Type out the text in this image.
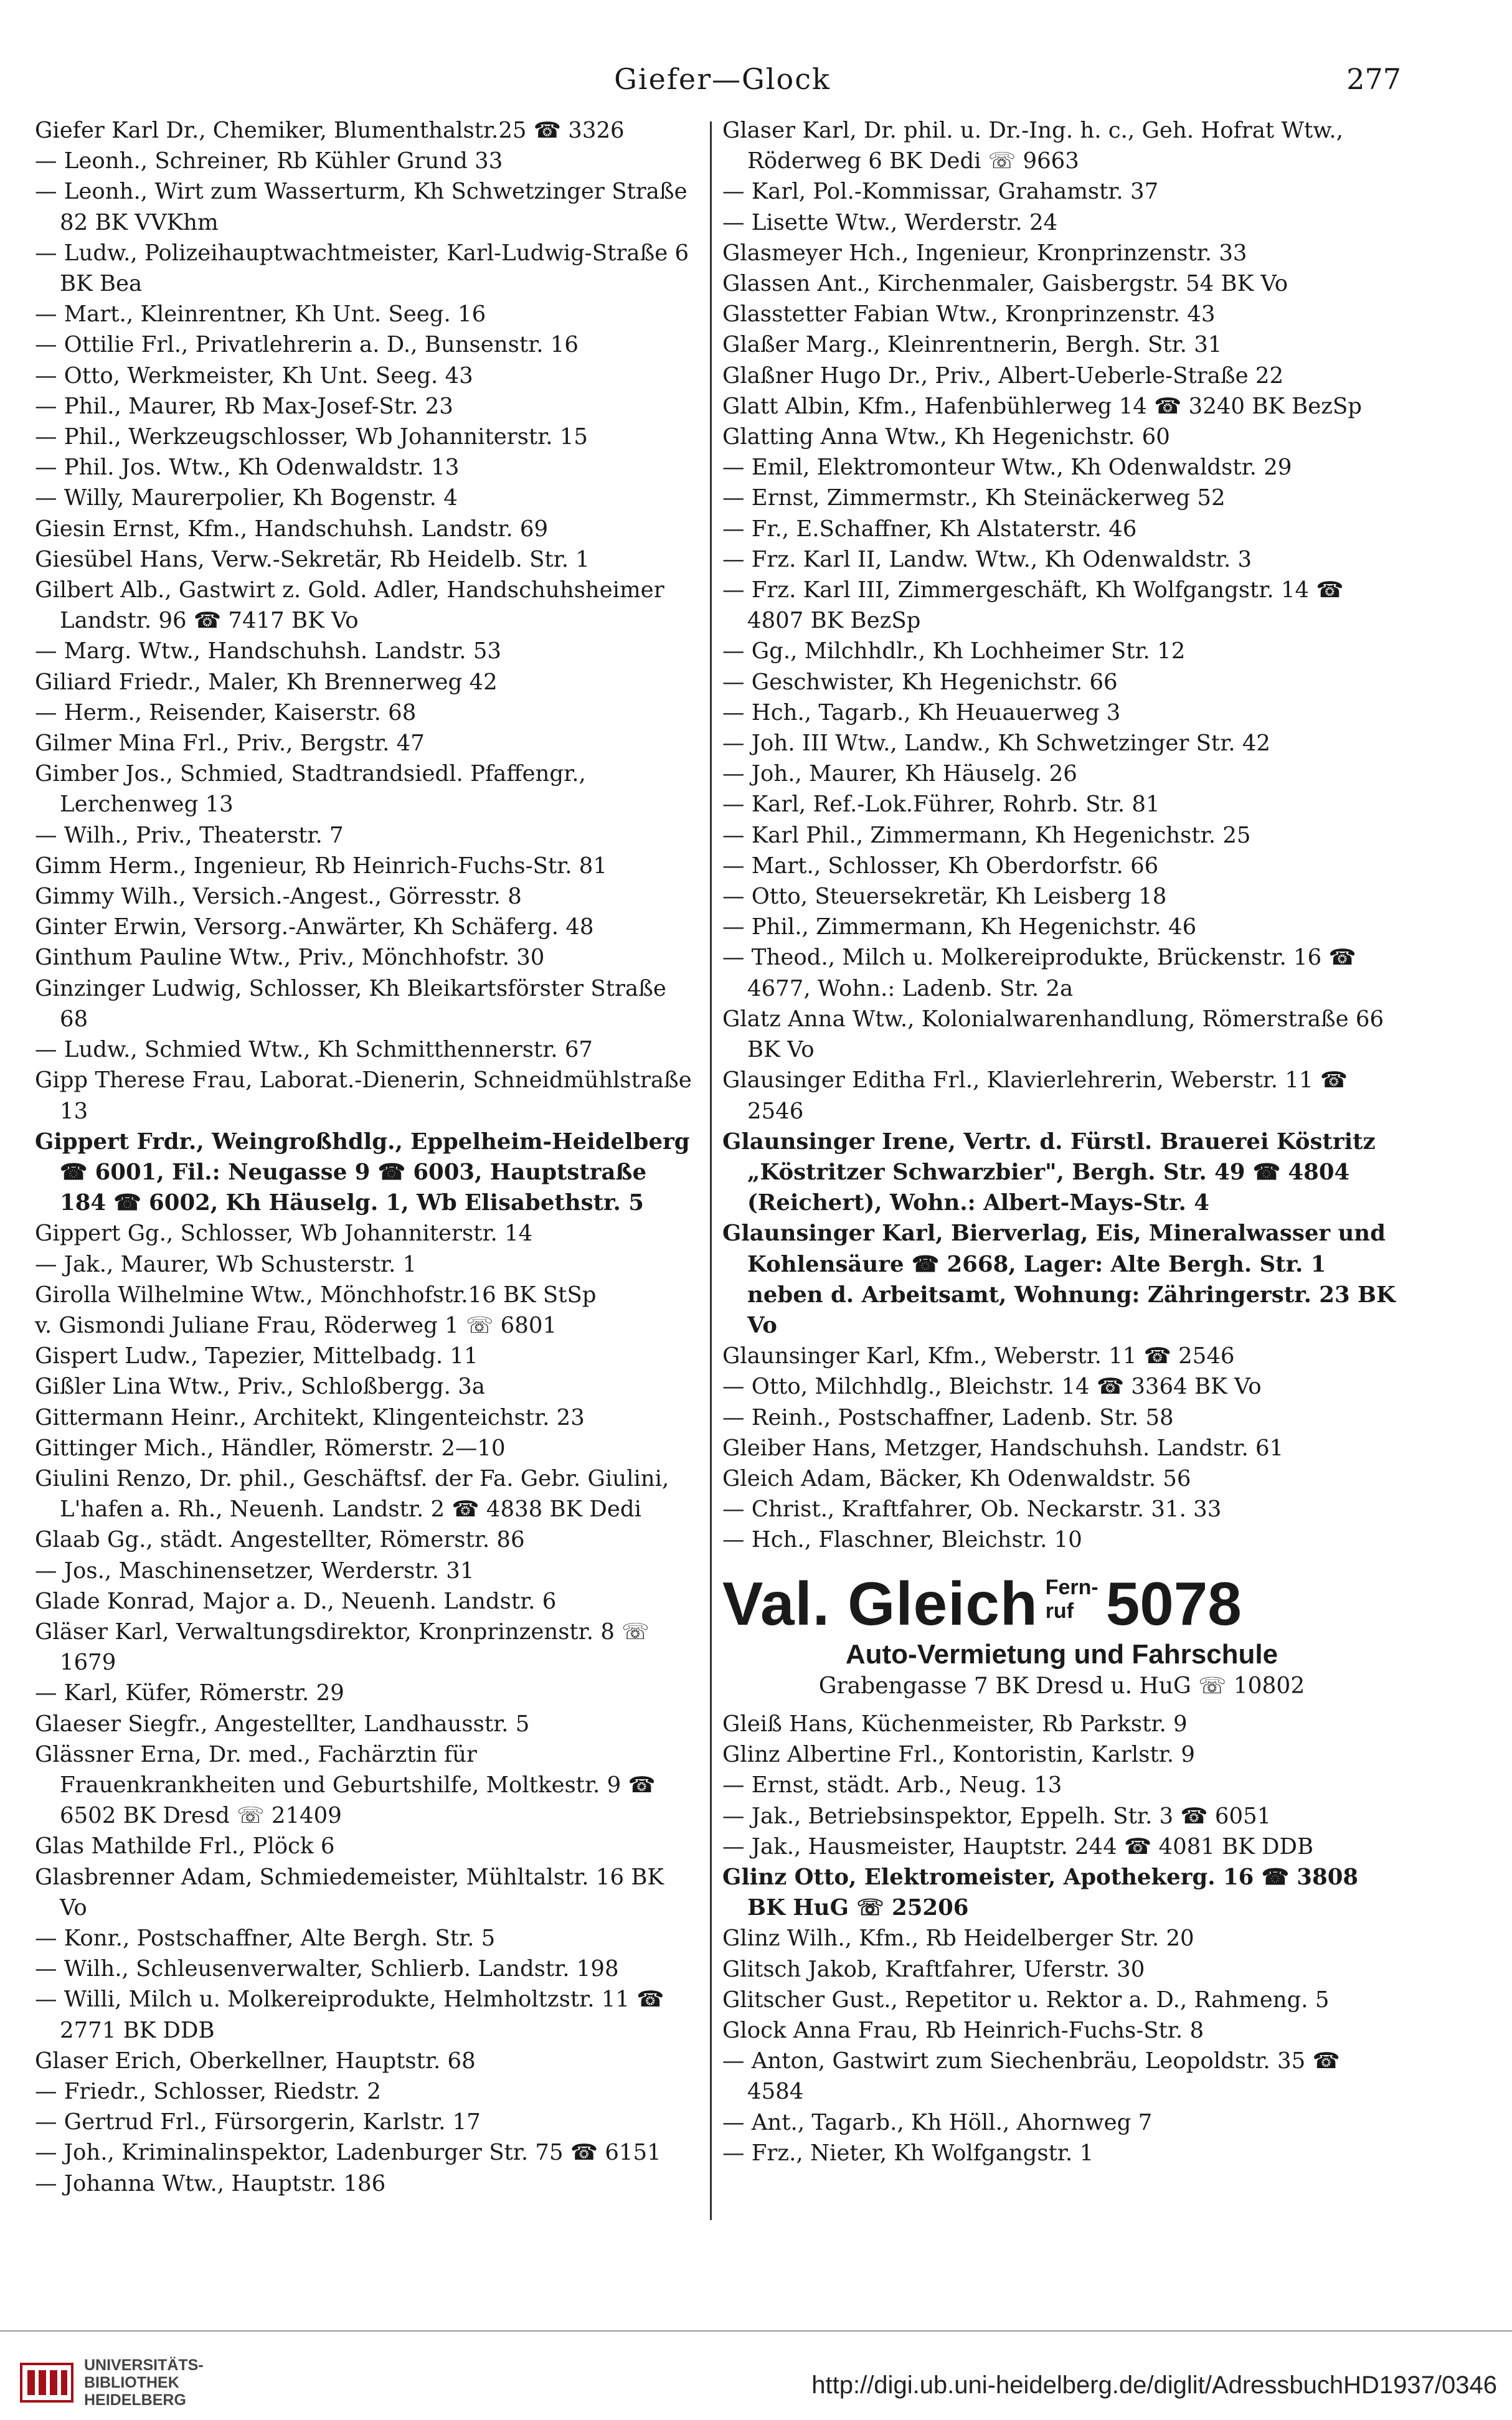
Giefer—Glock	277

Giefer Karl Dr., Chemiker, Blumenthalstr.25 ☎ 3326

— Leonh., Schreiner, Rb Kühler Grund 33

— Leonh., Wirt zum Wasserturm, Kh Schwetzinger Straße 82 BK VVKhm

— Ludw., Polizeihauptwachtmeister, Karl-Ludwig-Straße 6 BK Bea

— Mart., Kleinrentner, Kh Unt. Seeg. 16

— Ottilie Frl., Privatlehrerin a. D., Bunsenstr. 16

— Otto, Werkmeister, Kh Unt. Seeg. 43

— Phil., Maurer, Rb Max-Josef-Str. 23

— Phil., Werkzeugschlosser, Wb Johanniterstr. 15

— Phil. Jos. Wtw., Kh Odenwaldstr. 13

— Willy, Maurerpolier, Kh Bogenstr. 4

Giesin Ernst, Kfm., Handschuhsh. Landstr. 69

Giesübel Hans, Verw.-Sekretär, Rb Heidelb. Str. 1

Gilbert Alb., Gastwirt z. Gold. Adler, Handschuhsheimer Landstr. 96 ☎ 7417 BK Vo

— Marg. Wtw., Handschuhsh. Landstr. 53

Giliard Friedr., Maler, Kh Brennerweg 42

— Herm., Reisender, Kaiserstr. 68

Gilmer Mina Frl., Priv., Bergstr. 47

Gimber Jos., Schmied, Stadtrandsiedl. Pfaffengr., Lerchenweg 13

— Wilh., Priv., Theaterstr. 7

Gimm Herm., Ingenieur, Rb Heinrich-Fuchs-Str. 81

Gimmy Wilh., Versich.-Angest., Görresstr. 8

Ginter Erwin, Versorg.-Anwärter, Kh Schäferg. 48

Ginthum Pauline Wtw., Priv., Mönchhofstr. 30

Ginzinger Ludwig, Schlosser, Kh Bleikartsförster Straße 68

— Ludw., Schmied Wtw., Kh Schmitthennerstr. 67

Gipp Therese Frau, Laborat.-Dienerin, Schneidmühlstraße 13

Gippert Frdr., Weingroßhdlg., Eppelheim-Heidelberg ☎ 6001, Fil.: Neugasse 9 ☎ 6003, Hauptstraße 184 ☎ 6002, Kh Häuselg. 1, Wb Elisabethstr. 5

Gippert Gg., Schlosser, Wb Johanniterstr. 14

— Jak., Maurer, Wb Schusterstr. 1

Girolla Wilhelmine Wtw., Mönchhofstr.16 BK StSp

v. Gismondi Juliane Frau, Röderweg 1 ☏ 6801

Gispert Ludw., Tapezier, Mittelbadg. 11

Gißler Lina Wtw., Priv., Schloßbergg. 3a

Gittermann Heinr., Architekt, Klingenteichstr. 23

Gittinger Mich., Händler, Römerstr. 2—10

Giulini Renzo, Dr. phil., Geschäftsf. der Fa. Gebr. Giulini, L'hafen a. Rh., Neuenh. Landstr. 2 ☎ 4838 BK Dedi

Glaab Gg., städt. Angestellter, Römerstr. 86

— Jos., Maschinensetzer, Werderstr. 31

Glade Konrad, Major a. D., Neuenh. Landstr. 6

Gläser Karl, Verwaltungsdirektor, Kronprinzenstr. 8 ☏ 1679

— Karl, Küfer, Römerstr. 29

Glaeser Siegfr., Angestellter, Landhausstr. 5

Glässner Erna, Dr. med., Fachärztin für Frauenkrankheiten und Geburtshilfe, Moltkestr. 9 ☎ 6502 BK Dresd ☏ 21409

Glas Mathilde Frl., Plöck 6

Glasbrenner Adam, Schmiedemeister, Mühltalstr. 16 BK Vo

— Konr., Postschaffner, Alte Bergh. Str. 5

— Wilh., Schleusenverwalter, Schlierb. Landstr. 198

— Willi, Milch u. Molkereiprodukte, Helmholtzstr. 11 ☎ 2771 BK DDB

Glaser Erich, Oberkellner, Hauptstr. 68

— Friedr., Schlosser, Riedstr. 2

— Gertrud Frl., Fürsorgerin, Karlstr. 17

— Joh., Kriminalinspektor, Ladenburger Str. 75 ☎ 6151

— Johanna Wtw., Hauptstr. 186

Glaser Karl, Dr. phil. u. Dr.-Ing. h. c., Geh. Hofrat Wtw., Röderweg 6 BK Dedi ☏ 9663

— Karl, Pol.-Kommissar, Grahamstr. 37

— Lisette Wtw., Werderstr. 24

Glasmeyer Hch., Ingenieur, Kronprinzenstr. 33

Glassen Ant., Kirchenmaler, Gaisbergstr. 54 BK Vo

Glasstetter Fabian Wtw., Kronprinzenstr. 43

Glaßer Marg., Kleinrentnerin, Bergh. Str. 31

Glaßner Hugo Dr., Priv., Albert-Ueberle-Straße 22

Glatt Albin, Kfm., Hafenbühlerweg 14 ☎ 3240 BK BezSp

Glatting Anna Wtw., Kh Hegenichstr. 60

— Emil, Elektromonteur Wtw., Kh Odenwaldstr. 29

— Ernst, Zimmermstr., Kh Steinäckerweg 52

— Fr., E.Schaffner, Kh Alstaterstr. 46

— Frz. Karl II, Landw. Wtw., Kh Odenwaldstr. 3

— Frz. Karl III, Zimmergeschäft, Kh Wolfgangstr. 14 ☎ 4807 BK BezSp

— Gg., Milchhdlr., Kh Lochheimer Str. 12

— Geschwister, Kh Hegenichstr. 66

— Hch., Tagarb., Kh Heuauerweg 3

— Joh. III Wtw., Landw., Kh Schwetzinger Str. 42

— Joh., Maurer, Kh Häuselg. 26

— Karl, Ref.-Lok.Führer, Rohrb. Str. 81

— Karl Phil., Zimmermann, Kh Hegenichstr. 25

— Mart., Schlosser, Kh Oberdorfstr. 66

— Otto, Steuersekretär, Kh Leisberg 18

— Phil., Zimmermann, Kh Hegenichstr. 46

— Theod., Milch u. Molkereiprodukte, Brückenstr. 16 ☎ 4677, Wohn.: Ladenb. Str. 2a

Glatz Anna Wtw., Kolonialwarenhandlung, Römerstraße 66 BK Vo

Glausinger Editha Frl., Klavierlehrerin, Weberstr. 11 ☎ 2546

Glaunsinger Irene, Vertr. d. Fürstl. Brauerei Köstritz „Köstritzer Schwarzbier", Bergh. Str. 49 ☎ 4804 (Reichert), Wohn.: Albert-Mays-Str. 4

Glaunsinger Karl, Bierverlag, Eis, Mineralwasser und Kohlensäure ☎ 2668, Lager: Alte Bergh. Str. 1 neben d. Arbeitsamt, Wohnung: Zähringerstr. 23 BK Vo

Glaunsinger Karl, Kfm., Weberstr. 11 ☎ 2546

— Otto, Milchhdlg., Bleichstr. 14 ☎ 3364 BK Vo

— Reinh., Postschaffner, Ladenb. Str. 58

Gleiber Hans, Metzger, Handschuhsh. Landstr. 61

Gleich Adam, Bäcker, Kh Odenwaldstr. 56

— Christ., Kraftfahrer, Ob. Neckarstr. 31. 33

— Hch., Flaschner, Bleichstr. 10

Val. Gleich Fern-
ruf 5078
Auto-Vermietung und Fahrschule
Grabengasse 7 BK Dresd u. HuG ☏ 10802

Gleiß Hans, Küchenmeister, Rb Parkstr. 9

Glinz Albertine Frl., Kontoristin, Karlstr. 9

— Ernst, städt. Arb., Neug. 13

— Jak., Betriebsinspektor, Eppelh. Str. 3 ☎ 6051

— Jak., Hausmeister, Hauptstr. 244 ☎ 4081 BK DDB

Glinz Otto, Elektromeister, Apothekerg. 16 ☎ 3808 BK HuG ☏ 25206

Glinz Wilh., Kfm., Rb Heidelberger Str. 20

Glitsch Jakob, Kraftfahrer, Uferstr. 30

Glitscher Gust., Repetitor u. Rektor a. D., Rahmeng. 5

Glock Anna Frau, Rb Heinrich-Fuchs-Str. 8

— Anton, Gastwirt zum Siechenbräu, Leopoldstr. 35 ☎ 4584

— Ant., Tagarb., Kh Höll., Ahornweg 7

— Frz., Nieter, Kh Wolfgangstr. 1

UNIVERSITÄTS-
BIBLIOTHEK
HEIDELBERG
http://digi.ub.uni-heidelberg.de/diglit/AdressbuchHD1937/0346
